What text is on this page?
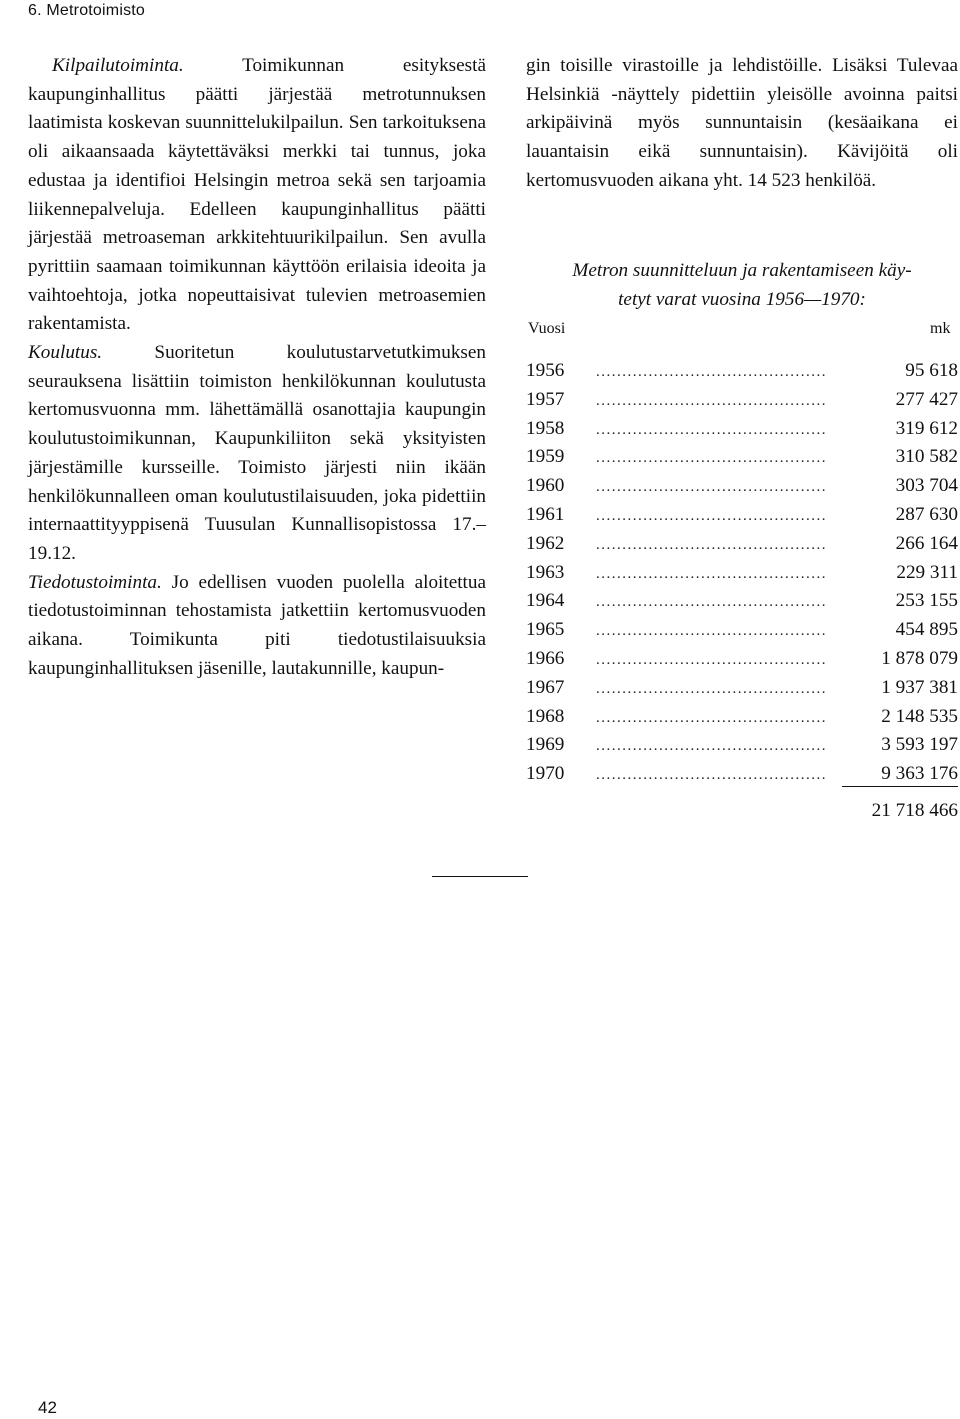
6. Metrotoimisto

Kilpailutoiminta. Toimikunnan esityksestä kaupunginhallitus päätti järjestää metrotunnuksen laatimista koskevan suunnittelukilpailun. Sen tarkoituksena oli aikaansaada käytettäväksi merkki tai tunnus, joka edustaa ja identifioi Helsingin metroa sekä sen tarjoamia liikennepalveluja. Edelleen kaupunginhallitus päätti järjestää metroaseman arkkitehtuurikilpailun. Sen avulla pyrittiin saamaan toimikunnan käyttöön erilaisia ideoita ja vaihtoehtoja, jotka nopeuttaisivat tulevien metroasemien rakentamista.

Koulutus. Suoritetun koulutustarvetutkimuksen seurauksena lisättiin toimiston henkilökunnan koulutusta kertomusvuonna mm. lähettämällä osanottajia kaupungin koulutustoimikunnan, Kaupunkiliiton sekä yksityisten järjestämille kursseille. Toimisto järjesti niin ikään henkilökunnalleen oman koulutustilaisuuden, joka pidettiin internaattityyppisenä Tuusulan Kunnallisopistossa 17.–19.12.

Tiedotustoiminta. Jo edellisen vuoden puolella aloitettua tiedotustoiminnan tehostamista jatkettiin kertomusvuoden aikana. Toimikunta piti tiedotustilaisuuksia kaupunginhallituksen jäsenille, lautakunnille, kaupun-

gin toisille virastoille ja lehdistöille. Lisäksi Tulevaa Helsinkiä -näyttely pidettiin yleisölle avoinna paitsi arkipäivinä myös sunnuntaisin (kesäaikana ei lauantaisin eikä sunnuntaisin). Kävijöitä oli kertomusvuoden aikana yht. 14 523 henkilöä.

Metron suunnitteluun ja rakentamiseen käy-
tetyt varat vuosina 1956—1970:
Vuosi	mk
1956 .....	95 618
1957 .....	277 427
1958 .....	319 612
1959 .....	310 582
1960 .....	303 704
1961 .....	287 630
1962 .....	266 164
1963 .....	229 311
1964 .....	253 155
1965 .....	454 895
1966 .....	1 878 079
1967 .....	1 937 381
1968 .....	2 148 535
1969 .....	3 593 197
1970 .....	9 363 176
21 718 466
42
